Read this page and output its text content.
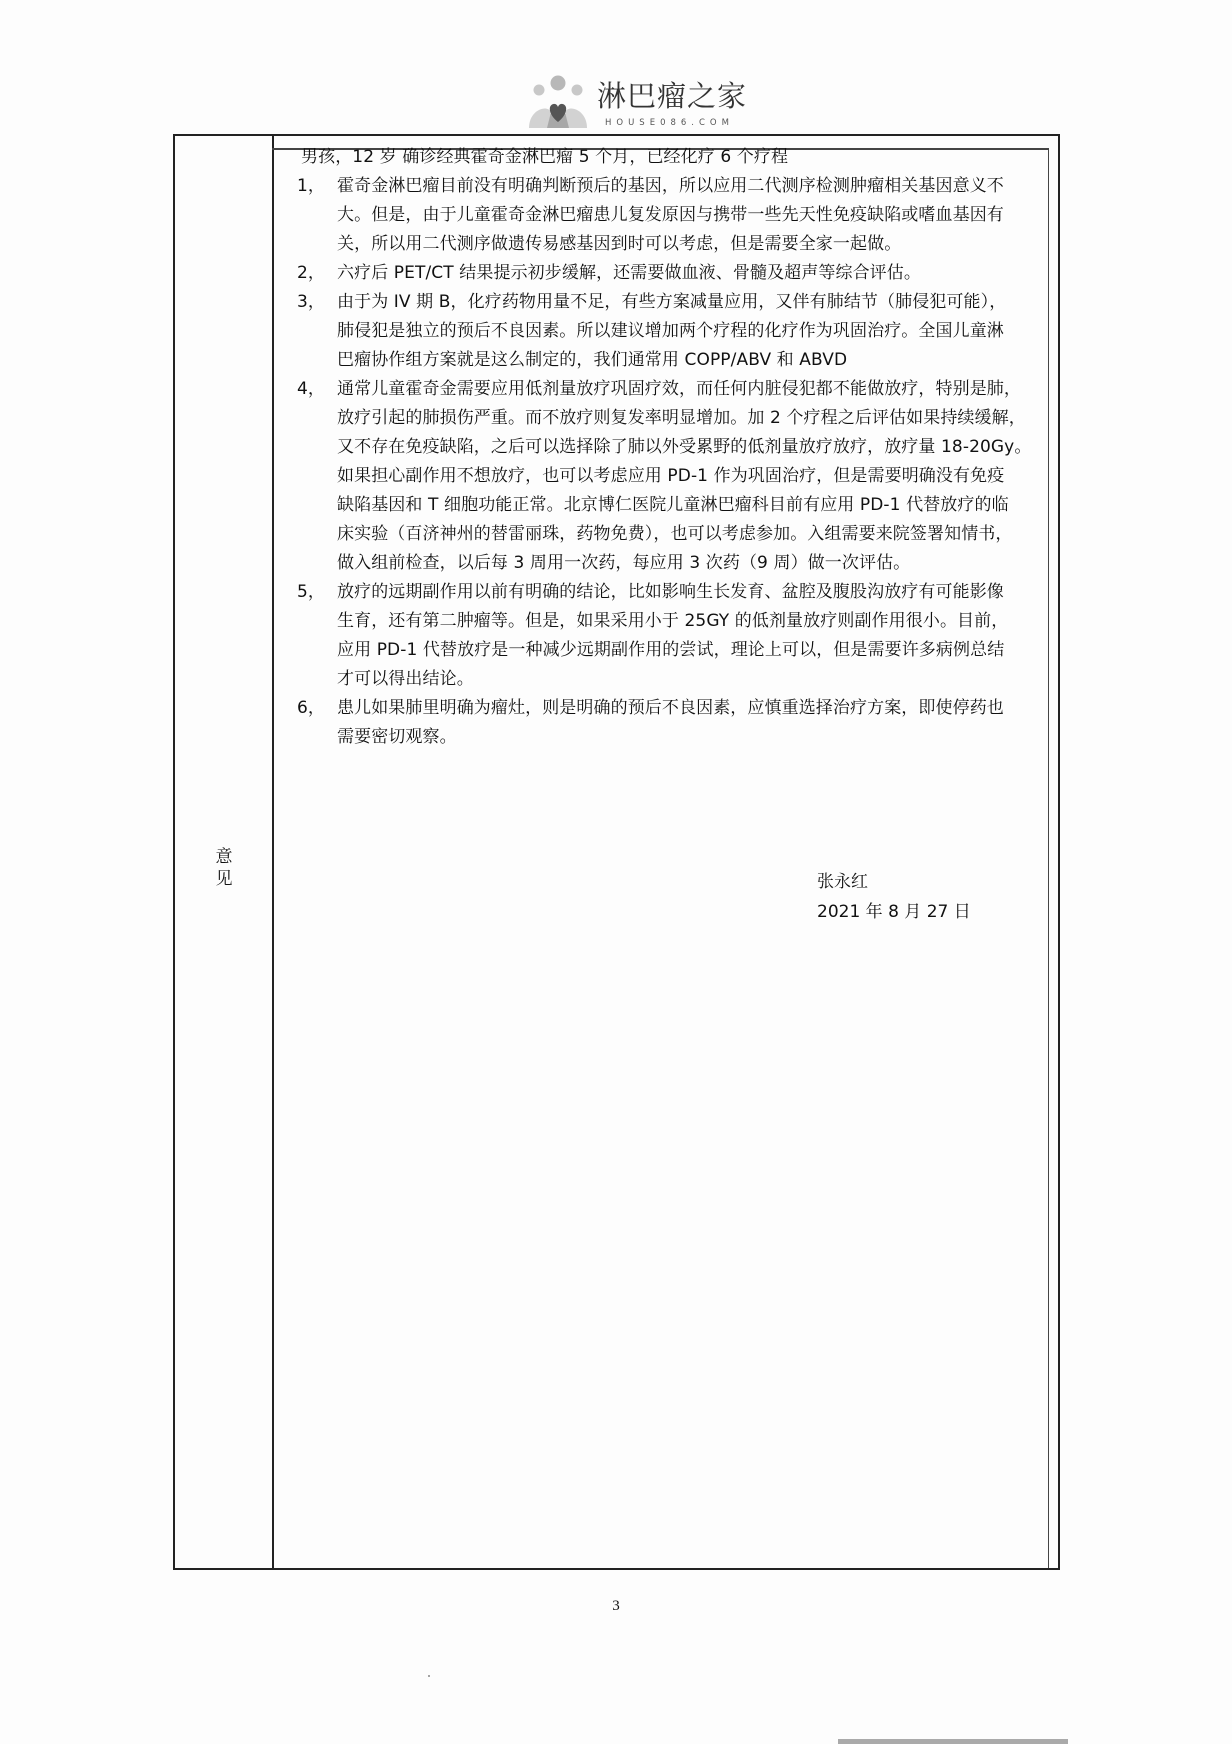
淋巴瘤之家
HOUSE086.COM
意
见

男孩，12 岁 确诊经典霍奇金淋巴瘤 5 个月，已经化疗 6 个疗程

1， 霍奇金淋巴瘤目前没有明确判断预后的基因，所以应用二代测序检测肿瘤相关基因意义不
大。但是，由于儿童霍奇金淋巴瘤患儿复发原因与携带一些先天性免疫缺陷或嗜血基因有
关，所以用二代测序做遗传易感基因到时可以考虑，但是需要全家一起做。
2， 六疗后 PET/CT 结果提示初步缓解，还需要做血液、骨髓及超声等综合评估。
3， 由于为 IV 期 B，化疗药物用量不足，有些方案减量应用，又伴有肺结节（肺侵犯可能），
肺侵犯是独立的预后不良因素。所以建议增加两个疗程的化疗作为巩固治疗。全国儿童淋
巴瘤协作组方案就是这么制定的，我们通常用 COPP/ABV 和 ABVD
4， 通常儿童霍奇金需要应用低剂量放疗巩固疗效，而任何内脏侵犯都不能做放疗，特别是肺，
放疗引起的肺损伤严重。而不放疗则复发率明显增加。加 2 个疗程之后评估如果持续缓解，
又不存在免疫缺陷，之后可以选择除了肺以外受累野的低剂量放疗放疗，放疗量 18-20Gy。
如果担心副作用不想放疗，也可以考虑应用 PD-1 作为巩固治疗，但是需要明确没有免疫
缺陷基因和 T 细胞功能正常。北京博仁医院儿童淋巴瘤科目前有应用 PD-1 代替放疗的临
床实验（百济神州的替雷丽珠，药物免费），也可以考虑参加。入组需要来院签署知情书，
做入组前检查，以后每 3 周用一次药，每应用 3 次药（9 周）做一次评估。
5， 放疗的远期副作用以前有明确的结论，比如影响生长发育、盆腔及腹股沟放疗有可能影像
生育，还有第二肿瘤等。但是，如果采用小于 25GY 的低剂量放疗则副作用很小。目前，
应用 PD-1 代替放疗是一种减少远期副作用的尝试，理论上可以，但是需要许多病例总结
才可以得出结论。
6， 患儿如果肺里明确为瘤灶，则是明确的预后不良因素，应慎重选择治疗方案，即使停药也
需要密切观察。
张永红
2021 年 8 月 27 日
3
